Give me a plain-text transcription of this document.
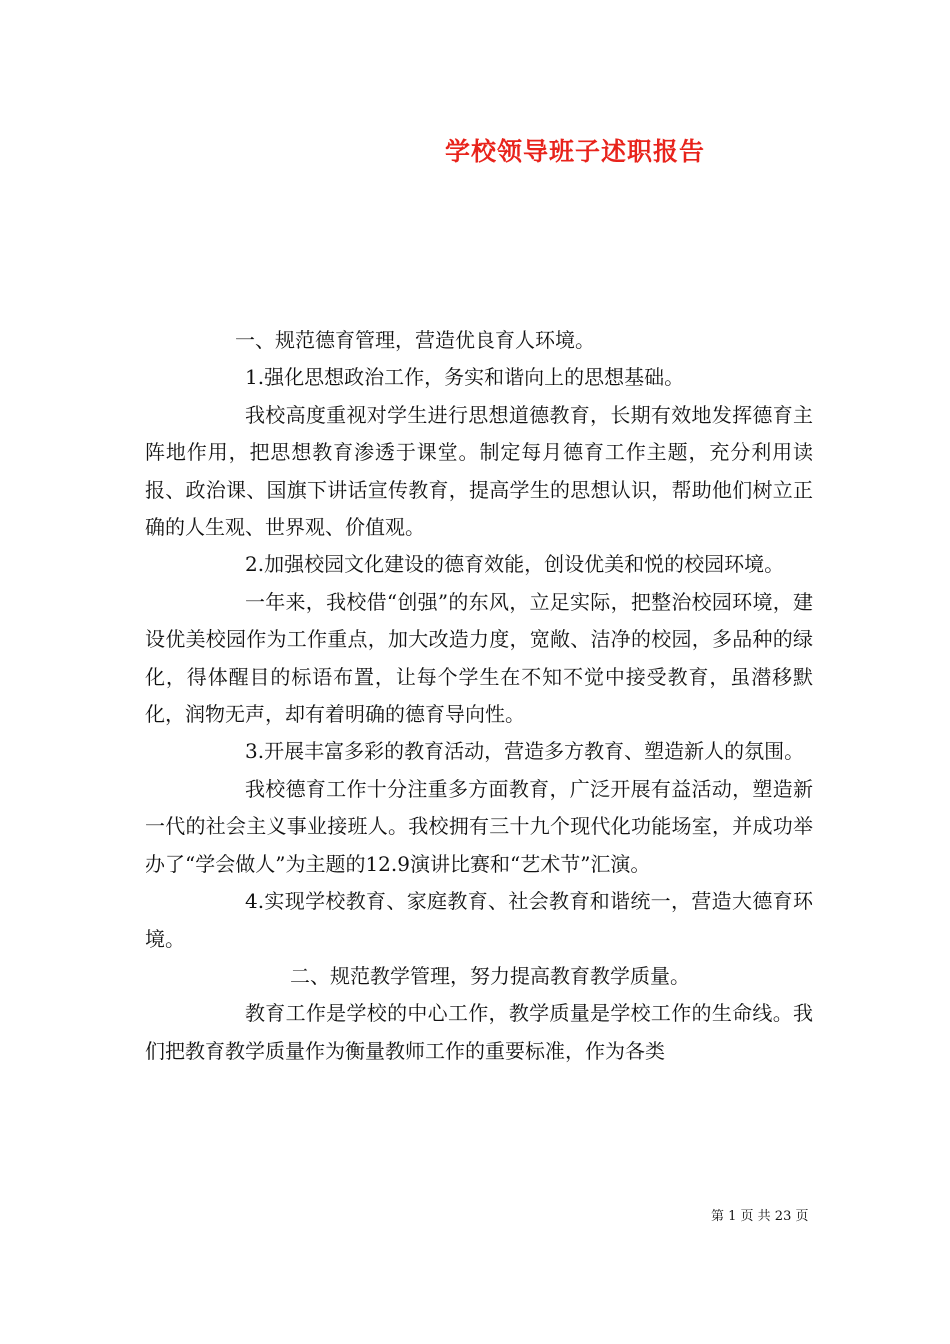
学校领导班子述职报告

一、规范德育管理，营造优良育人环境。

1.强化思想政治工作，务实和谐向上的思想基础。

我校高度重视对学生进行思想道德教育，长期有效地发挥德育主阵地作用，把思想教育渗透于课堂。制定每月德育工作主题，充分利用读报、政治课、国旗下讲话宣传教育，提高学生的思想认识，帮助他们树立正确的人生观、世界观、价值观。

2.加强校园文化建设的德育效能，创设优美和悦的校园环境。

一年来，我校借“创强”的东风，立足实际，把整治校园环境，建设优美校园作为工作重点，加大改造力度，宽敞、洁净的校园，多品种的绿化，得体醒目的标语布置，让每个学生在不知不觉中接受教育，虽潜移默化，润物无声，却有着明确的德育导向性。

3.开展丰富多彩的教育活动，营造多方教育、塑造新人的氛围。

我校德育工作十分注重多方面教育，广泛开展有益活动，塑造新一代的社会主义事业接班人。我校拥有三十九个现代化功能场室，并成功举办了“学会做人”为主题的12.9演讲比赛和“艺术节”汇演。

4.实现学校教育、家庭教育、社会教育和谐统一，营造大德育环境。

二、规范教学管理，努力提高教育教学质量。

教育工作是学校的中心工作，教学质量是学校工作的生命线。我们把教育教学质量作为衡量教师工作的重要标准，作为各类

第 1 页 共 23 页
